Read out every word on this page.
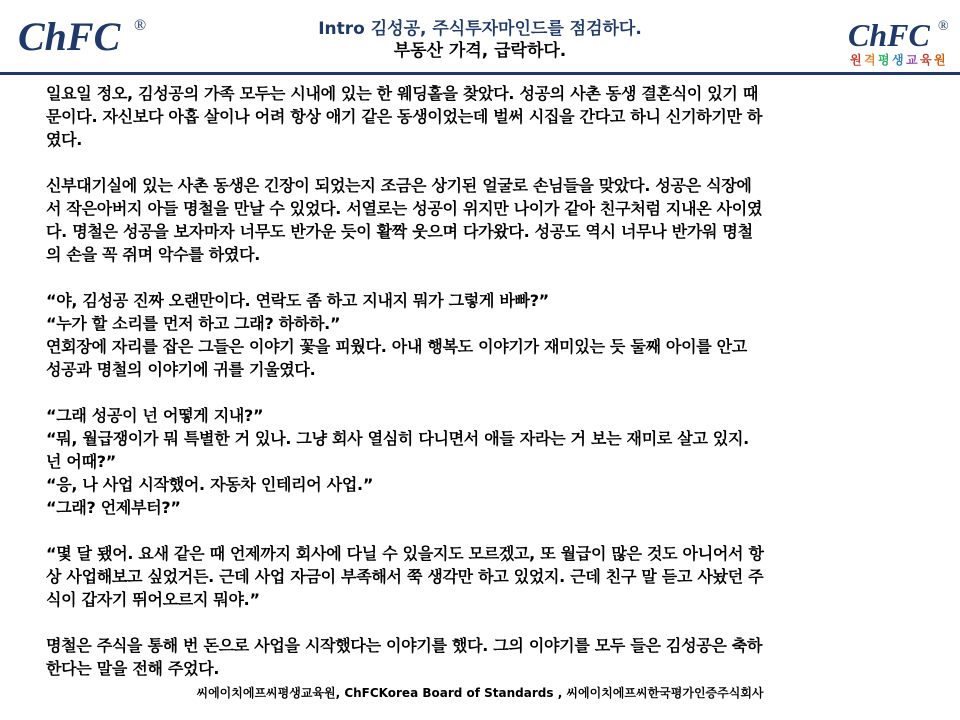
ChFC ®	Intro 김성공, 주식투자마인드를 점검하다.
부동산 가격, 급락하다.	ChFC ®
원 격 평 생 교 육 원

일요일 정오, 김성공의 가족 모두는 시내에 있는 한 웨딩홀을 찾았다. 성공의 사촌 동생 결혼식이 있기 때
문이다. 자신보다 아홉 살이나 어려 항상 애기 같은 동생이었는데 벌써 시집을 간다고 하니 신기하기만 하
였다.

신부대기실에 있는 사촌 동생은 긴장이 되었는지 조금은 상기된 얼굴로 손님들을 맞았다. 성공은 식장에
서 작은아버지 아들 명철을 만날 수 있었다. 서열로는 성공이 위지만 나이가 같아 친구처럼 지내온 사이였
다. 명철은 성공을 보자마자 너무도 반가운 듯이 활짝 웃으며 다가왔다. 성공도 역시 너무나 반가워 명철
의 손을 꼭 쥐며 악수를 하였다.

“야, 김성공 진짜 오랜만이다. 연락도 좀 하고 지내지 뭐가 그렇게 바빠?”
“누가 할 소리를 먼저 하고 그래? 하하하.”
연회장에 자리를 잡은 그들은 이야기 꽃을 피웠다. 아내 행복도 이야기가 재미있는 듯 둘째 아이를 안고
성공과 명철의 이야기에 귀를 기울였다.

“그래 성공이 넌 어떻게 지내?”
“뭐, 월급쟁이가 뭐 특별한 거 있나. 그냥 회사 열심히 다니면서 애들 자라는 거 보는 재미로 살고 있지.
넌 어때?”
“응, 나 사업 시작했어. 자동차 인테리어 사업.”
“그래? 언제부터?”

“몇 달 됐어. 요새 같은 때 언제까지 회사에 다닐 수 있을지도 모르겠고, 또 월급이 많은 것도 아니어서 항
상 사업해보고 싶었거든. 근데 사업 자금이 부족해서 쭉 생각만 하고 있었지. 근데 친구 말 듣고 사놨던 주
식이 갑자기 뛰어오르지 뭐야.”

명철은 주식을 통해 번 돈으로 사업을 시작했다는 이야기를 했다. 그의 이야기를 모두 들은 김성공은 축하
한다는 말을 전해 주었다.

씨에이치에프씨평생교육원, ChFCKorea Board of Standards , 씨에이치에프씨한국평가인증주식회사
